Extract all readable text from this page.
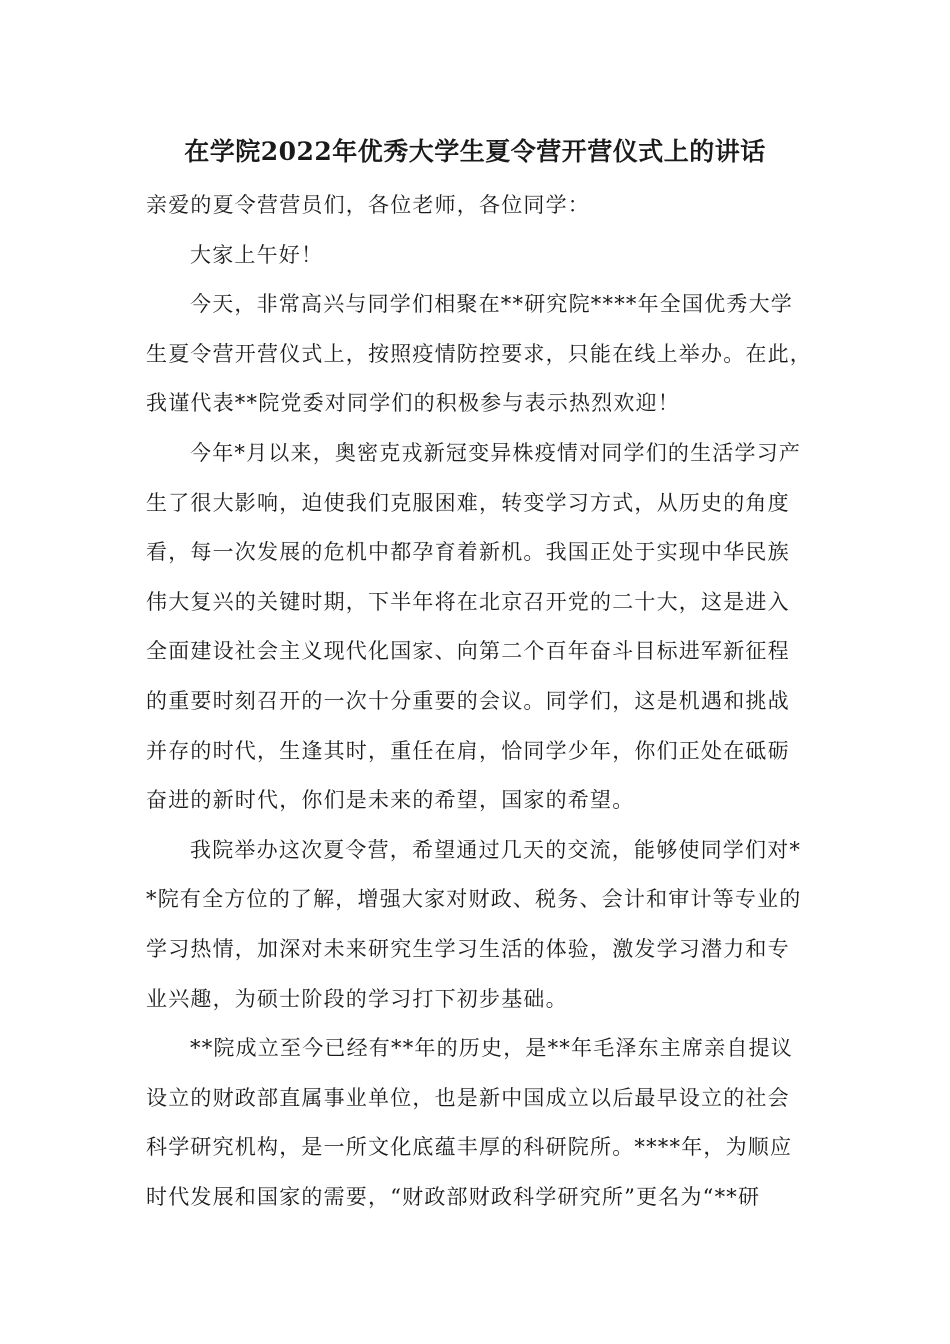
在学院2022年优秀大学生夏令营开营仪式上的讲话

亲爱的夏令营营员们，各位老师，各位同学：

大家上午好！

今天，非常高兴与同学们相聚在**研究院****年全国优秀大学
生夏令营开营仪式上，按照疫情防控要求，只能在线上举办。在此，
我谨代表**院党委对同学们的积极参与表示热烈欢迎！

今年*月以来，奥密克戎新冠变异株疫情对同学们的生活学习产
生了很大影响，迫使我们克服困难，转变学习方式，从历史的角度
看，每一次发展的危机中都孕育着新机。我国正处于实现中华民族
伟大复兴的关键时期，下半年将在北京召开党的二十大，这是进入
全面建设社会主义现代化国家、向第二个百年奋斗目标进军新征程
的重要时刻召开的一次十分重要的会议。同学们，这是机遇和挑战
并存的时代，生逢其时，重任在肩，恰同学少年，你们正处在砥砺
奋进的新时代，你们是未来的希望，国家的希望。

我院举办这次夏令营，希望通过几天的交流，能够使同学们对*
*院有全方位的了解，增强大家对财政、税务、会计和审计等专业的
学习热情，加深对未来研究生学习生活的体验，激发学习潜力和专
业兴趣，为硕士阶段的学习打下初步基础。

**院成立至今已经有**年的历史，是**年毛泽东主席亲自提议
设立的财政部直属事业单位，也是新中国成立以后最早设立的社会
科学研究机构，是一所文化底蕴丰厚的科研院所。****年，为顺应
时代发展和国家的需要，“财政部财政科学研究所”更名为“**研
